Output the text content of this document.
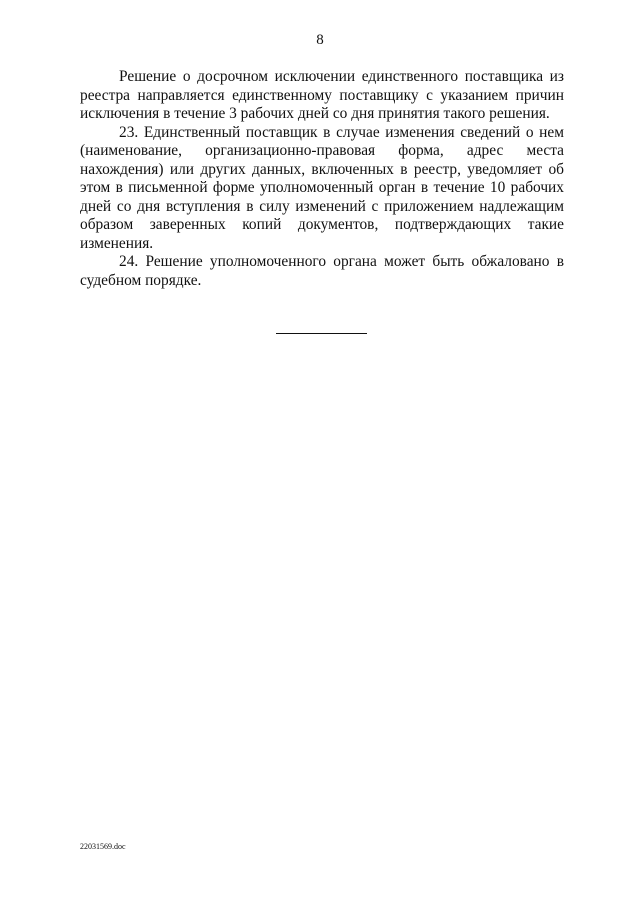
8

Решение о досрочном исключении единственного поставщика из реестра направляется единственному поставщику с указанием причин исключения в течение 3 рабочих дней со дня принятия такого решения.

23. Единственный поставщик в случае изменения сведений о нем (наименование, организационно-правовая форма, адрес места нахождения) или других данных, включенных в реестр, уведомляет об этом в письменной форме уполномоченный орган в течение 10 рабочих дней со дня вступления в силу изменений с приложением надлежащим образом заверенных копий документов, подтверждающих такие изменения.

24. Решение уполномоченного органа может быть обжаловано в судебном порядке.

22031569.doc
